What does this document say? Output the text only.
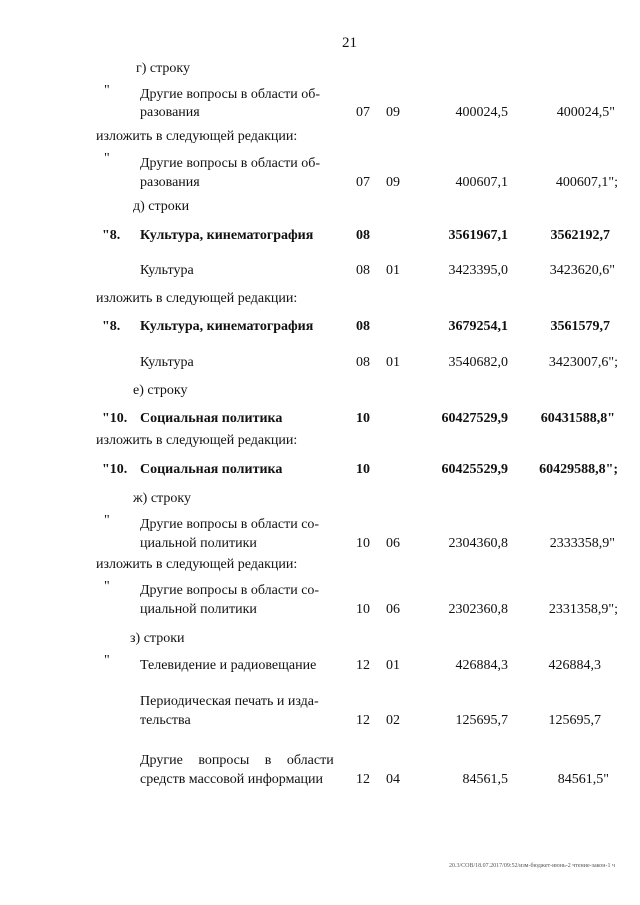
21
г) строку
" Другие вопросы в области об-
разования	07 09	400024,5	400024,5"
изложить в следующей редакции:
" Другие вопросы в области об-
разования	07 09	400607,1	400607,1";
д) строки
"8. Культура, кинематография	08	3561967,1	3562192,7
Культура	08 01	3423395,0	3423620,6"
изложить в следующей редакции:
"8. Культура, кинематография	08	3679254,1	3561579,7
Культура	08 01	3540682,0	3423007,6";
е) строку
"10. Социальная политика	10	60427529,9 60431588,8"
изложить в следующей редакции:
"10. Социальная политика	10	60425529,9 60429588,8";
ж) строку
" Другие вопросы в области со-
циальной политики	10 06	2304360,8	2333358,9"
изложить в следующей редакции:
" Другие вопросы в области со-
циальной политики	10 06	2302360,8	2331358,9";
з) строки
" Телевидение и радиовещание	12 01	426884,3	426884,3
Периодическая печать и изда-
тельства	12 02	125695,7	125695,7
Другие вопросы в области
средств массовой информации 12 04	84561,5	84561,5"
20.3/СОВ/18.07.2017/09:52/изм-бюджет-июнь-2 чтение-закон-1 ч
